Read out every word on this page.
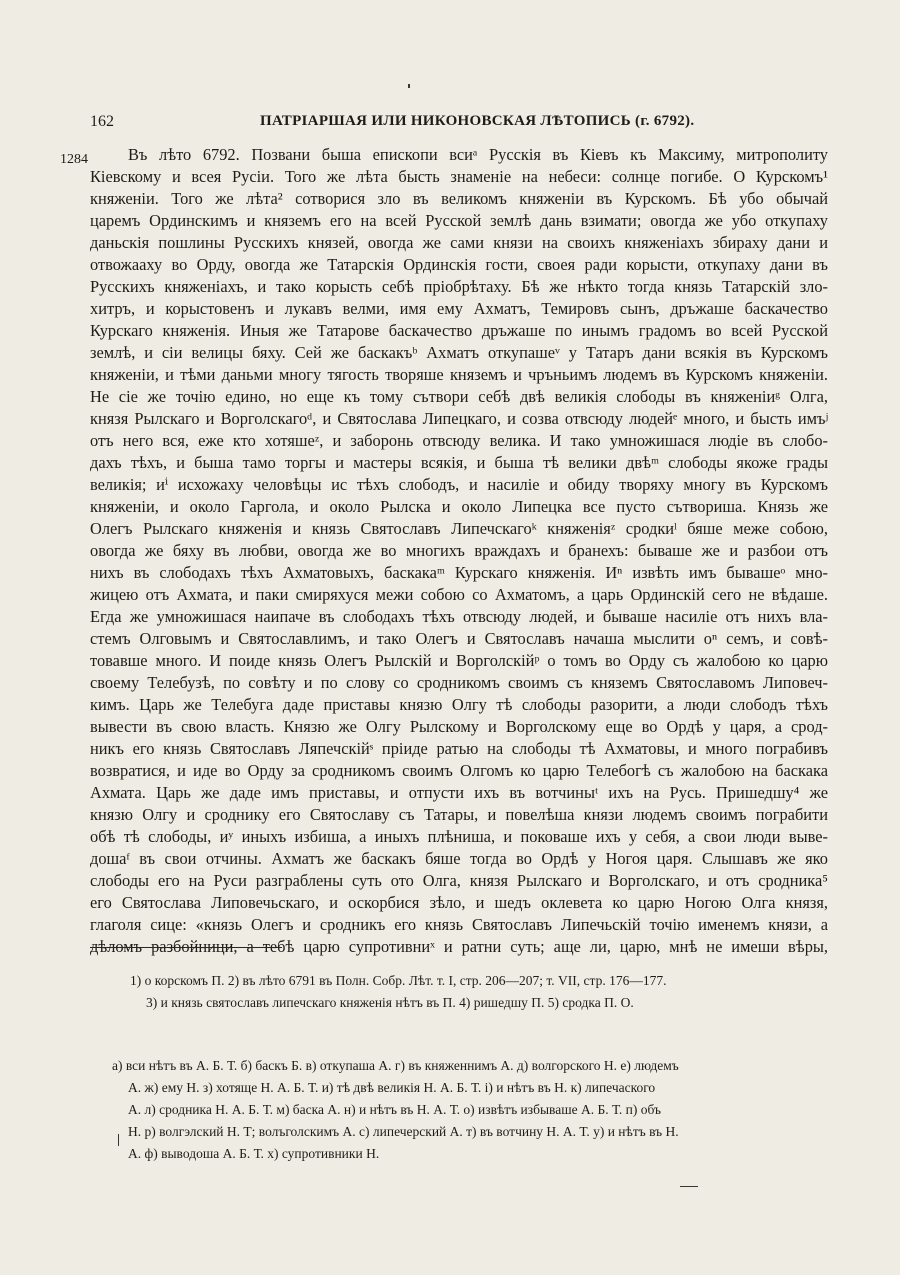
162	ПАТРІАРШАЯ ИЛИ НИКОНОВСКАЯ ЛѢТОПИСЬ (г. 6792).
1284	Въ лѣто 6792. Позвани быша епископи всиᵃ Русскія въ Кіевъ къ Максиму, митрополиту
Кіевскому и всея Русіи. Того же лѣта бысть знаменіе на небеси: солнце погибе. О Курскомъ¹
княженіи. Того же лѣта² сотворися зло въ великомъ княженіи въ Курскомъ. Бѣ убо обычай
царемъ Ординскимъ и княземъ его на всей Русской землѣ дань взимати; овогда же убо откупаху
даньскія пошлины Русскихъ князей, овогда же сами князи на своихъ княженіахъ збираху дани и
отвожааху во Орду, овогда же Татарскія Ординскія гости, своея ради корысти, откупаху дани въ
Русскихъ княженіахъ, и тако корысть себѣ пріобрѣтаху. Бѣ же нѣкто тогда князь Татарскій зло-
хитръ, и корыстовенъ и лукавъ велми, имя ему Ахматъ, Темировъ сынъ, дръжаше баскачество
Курскаго княженія. Иныя же Татарове баскачество дръжаше по инымъ градомъ во всей Русской
землѣ, и сіи велицы бяху. Сей же баскакъᵇ Ахматъ откупашеᵛ у Татаръ дани всякія въ Курскомъ
княженіи, и тѣми даньми многу тягость творяше княземъ и чръньимъ людемъ въ Курскомъ княженіи.
Не сіе же точію едино, но еще къ тому сътвори себѣ двѣ великія слободы въ княженіиᵍ Олга,
князя Рылскаго и Ворголскагоᵈ, и Святослава Липецкаго, и созва отвсюду людейᵉ много, и бысть имъʲ
отъ него вся, еже кто хотяшеᶻ, и заборонь отвсюду велика. И тако умножишася людіе въ слобо-
дахъ тѣхъ, и быша тамо торгы и мастеры всякія, и быша тѣ велики двѣᵐ слободы якоже грады
великія; иⁱ исхожаху человѣцы ис тѣхъ слободъ, и насиліе и обиду творяху многу въ Курскомъ
княженіи, и около Гаргола, и около Рылска и около Липецка все пусто сътвориша. Князь же
Олегъ Рылскаго княженія и князь Святославъ Липечскагоᵏ княженіяᶻ сродкиˡ бяше меже собою,
овогда же бяху въ любви, овогда же во многихъ враждахъ и бранехъ: бываше же и разбои отъ
нихъ въ слободахъ тѣхъ Ахматовыхъ, баскакаᵐ Курскаго княженія. Иⁿ извѣть имъ бывашеᵒ мно-
жицею отъ Ахмата, и паки смиряхуся межи собою со Ахматомъ, а царь Ординскій сего не вѣдаше.
Егда же умножишася наипаче въ слободахъ тѣхъ отвсюду людей, и бываше насиліе отъ нихъ вла-
стемъ Олговымъ и Святославлимъ, и тако Олегъ и Святославъ начаша мыслити оⁿ семъ, и совѣ-
товавше много. И поиде князь Олегъ Рылскій и Ворголскійᵖ о томъ во Орду съ жалобою ко царю
своему Телебузѣ, по совѣту и по слову со сродникомъ своимъ съ княземъ Святославомъ Липовеч-
кимъ. Царь же Телебуга даде приставы князю Олгу тѣ слободы разорити, а люди слободъ тѣхъ
вывести въ свою власть. Князю же Олгу Рылскому и Ворголскому еще во Ордѣ у царя, а срод-
никъ его князь Святославъ Ляпечскійˢ пріиде ратью на слободы тѣ Ахматовы, и много пограбивъ
возвратися, и иде во Орду за сродникомъ своимъ Олгомъ ко царю Телебогѣ съ жалобою на баскака
Ахмата. Царь же даде имъ приставы, и отпусти ихъ въ вотчиныᵗ ихъ на Русь. Пришедшу⁴ же
князю Олгу и сроднику его Святославу съ Татары, и повелѣша князи людемъ своимъ пограбити
обѣ тѣ слободы, иʸ иныхъ избиша, а иныхъ плѣниша, и поковаше ихъ у себя, а свои люди выве-
дошаᶠ въ свои отчины. Ахматъ же баскакъ бяше тогда во Ордѣ у Ногоя царя. Слышавъ же яко
слободы его на Руси разграблены суть ото Олга, князя Рылскаго и Ворголскаго, и отъ сродника⁵
его Святослава Липовечьскаго, и оскорбися зѣло, и шедъ оклевета ко царю Ногою Олга князя,
глаголя сице: «князь Олегъ и сродникъ его князь Святославъ Липечьскій точію именемъ князи, а
дѣломъ разбойници, а тебѣ царю супротивниˣ и ратни суть; аще ли, царю, мнѣ не имеши вѣры,
1) о корскомъ П. 2) въ лѣто 6791 въ Полн. Собр. Лѣт. т. I, стр. 206—207; т. VII, стр. 176—177.
3) и князь святославъ липечскаго княженія нѣтъ въ П. 4) ришедшу П. 5) сродка П. О.
а) вси нѣтъ въ А. Б. Т. б) баскъ Б. в) откупаша А. г) въ княженнимъ А. д) волгорского Н. е) людемъ
А. ж) ему Н. з) хотяще Н. А. Б. Т. и) тѣ двѣ великія Н. А. Б. Т. і) и нѣтъ въ Н. к) липечаского
А. л) сродника Н. А. Б. Т. м) баска А. н) и нѣтъ въ Н. А. Т. о) извѣтъ избываше А. Б. Т. п) объ
Н. р) волгэлский Н. Т; волъголскимъ А. с) липечерский А. т) въ вотчину Н. А. Т. у) и нѣтъ въ Н.
А. ф) выводоша А. Б. Т. х) супротивники Н.
